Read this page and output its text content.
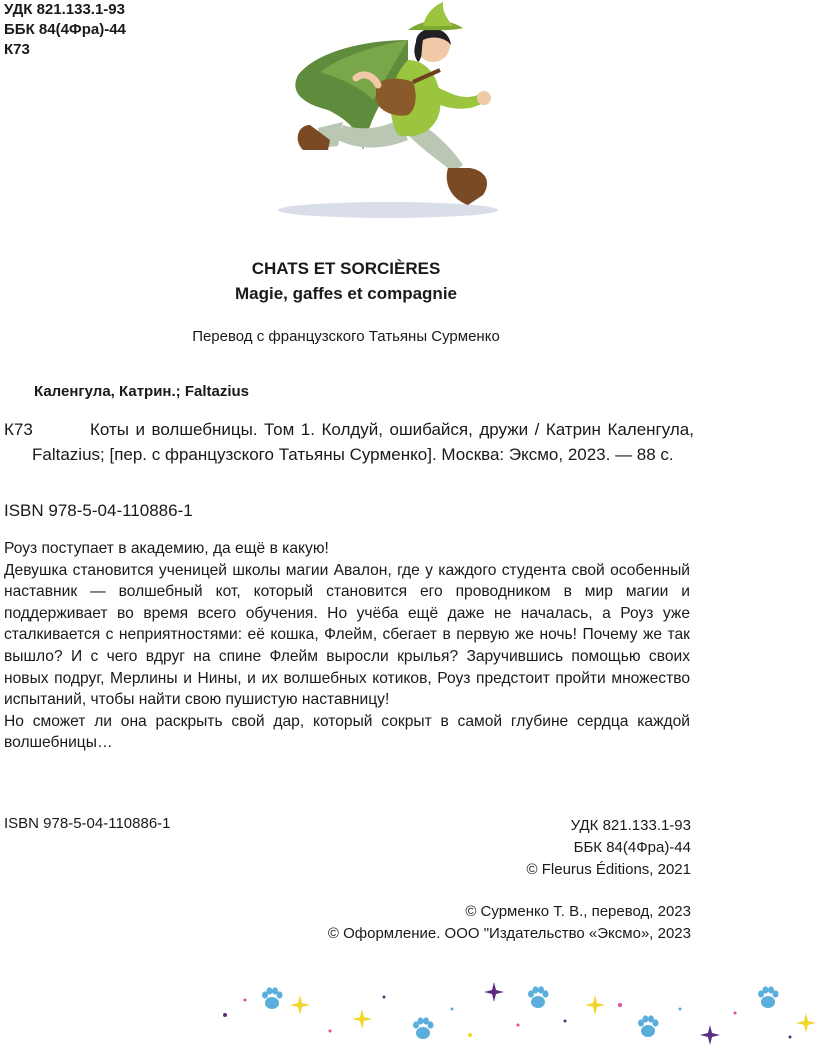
УДК 821.133.1-93
ББК 84(4Фра)-44
К73
CHATS ET SORCIÈRES
Magie, gaffes et compagnie
Перевод с французского Татьяны Сурменко
Каленгула, Катрин.; Faltazius
К73	Коты и волшебницы. Том 1. Колдуй, ошибайся, дружи / Катрин Каленгула, Faltazius; [пер. с французского Татьяны Сурменко]. Москва: Эксмо, 2023. — 88 с.
ISBN 978-5-04-110886-1

Роуз поступает в академию, да ещё в какую!

Девушка становится ученицей школы магии Авалон, где у каждого студента свой особенный наставник — волшебный кот, который становится его проводником в мир магии и поддерживает во время всего обучения. Но учёба ещё даже не началась, а Роуз уже сталкивается с неприятностями: её кошка, Флейм, сбегает в первую же ночь! Почему же так вышло? И с чего вдруг на спине Флейм выросли крылья? Заручившись помощью своих новых подруг, Мерлины и Нины, и их волшебных котиков, Роуз предстоит пройти множество испытаний, чтобы найти свою пушистую наставницу!

Но сможет ли она раскрыть свой дар, который сокрыт в самой глубине сердца каждой волшебницы…

ISBN 978-5-04-110886-1	УДК 821.133.1-93
ББК 84(4Фра)-44
© Fleurus Éditions, 2021
© Сурменко Т. В., перевод, 2023
© Оформление. ООО "Издательство «Эксмо», 2023
